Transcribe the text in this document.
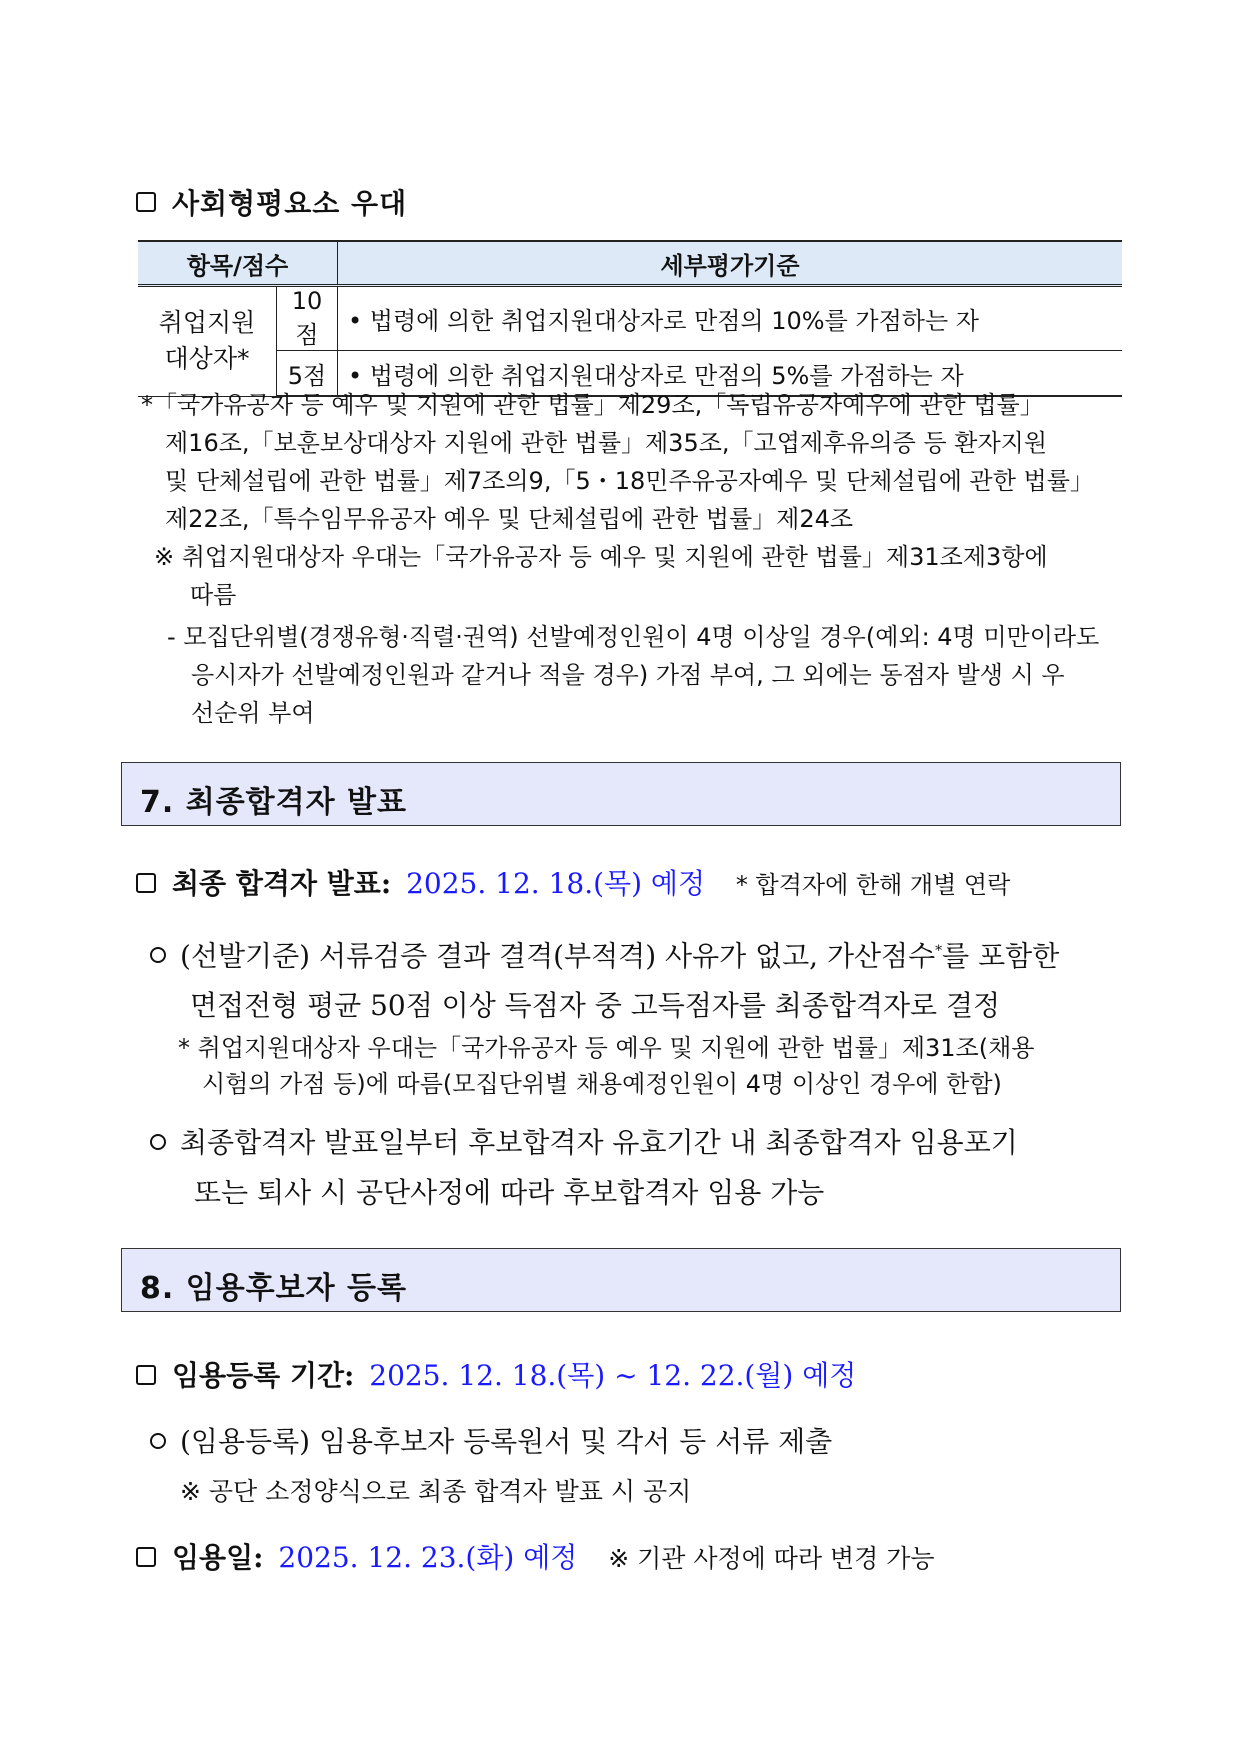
사회형평요소 우대
항목/점수		세부평가기준

취업지원
대상자*	10점	• 법령에 의한 취업지원대상자로 만점의 10%를 가점하는 자
	5점	• 법령에 의한 취업지원대상자로 만점의 5%를 가점하는 자
*「국가유공자 등 예우 및 지원에 관한 법률」제29조,「독립유공자예우에 관한 법률」
제16조,「보훈보상대상자 지원에 관한 법률」제35조,「고엽제후유의증 등 환자지원
및 단체설립에 관한 법률」제7조의9,「5・18민주유공자예우 및 단체설립에 관한 법률」
제22조,「특수임무유공자 예우 및 단체설립에 관한 법률」제24조
※ 취업지원대상자 우대는「국가유공자 등 예우 및 지원에 관한 법률」제31조제3항에
따름
- 모집단위별(경쟁유형·직렬·권역) 선발예정인원이 4명 이상일 경우(예외: 4명 미만이라도
응시자가 선발예정인원과 같거나 적을 경우) 가점 부여, 그 외에는 동점자 발생 시 우
선순위 부여
7. 최종합격자 발표
최종 합격자 발표: 2025. 12. 18.(목) 예정 * 합격자에 한해 개별 연락
(선발기준) 서류검증 결과 결격(부적격) 사유가 없고, 가산점수*를 포함한
면접전형 평균 50점 이상 득점자 중 고득점자를 최종합격자로 결정
* 취업지원대상자 우대는「국가유공자 등 예우 및 지원에 관한 법률」제31조(채용
시험의 가점 등)에 따름(모집단위별 채용예정인원이 4명 이상인 경우에 한함)
최종합격자 발표일부터 후보합격자 유효기간 내 최종합격자 임용포기
또는 퇴사 시 공단사정에 따라 후보합격자 임용 가능
8. 임용후보자 등록
임용등록 기간: 2025. 12. 18.(목) ~ 12. 22.(월) 예정
(임용등록) 임용후보자 등록원서 및 각서 등 서류 제출
※ 공단 소정양식으로 최종 합격자 발표 시 공지
임용일: 2025. 12. 23.(화) 예정 ※ 기관 사정에 따라 변경 가능
